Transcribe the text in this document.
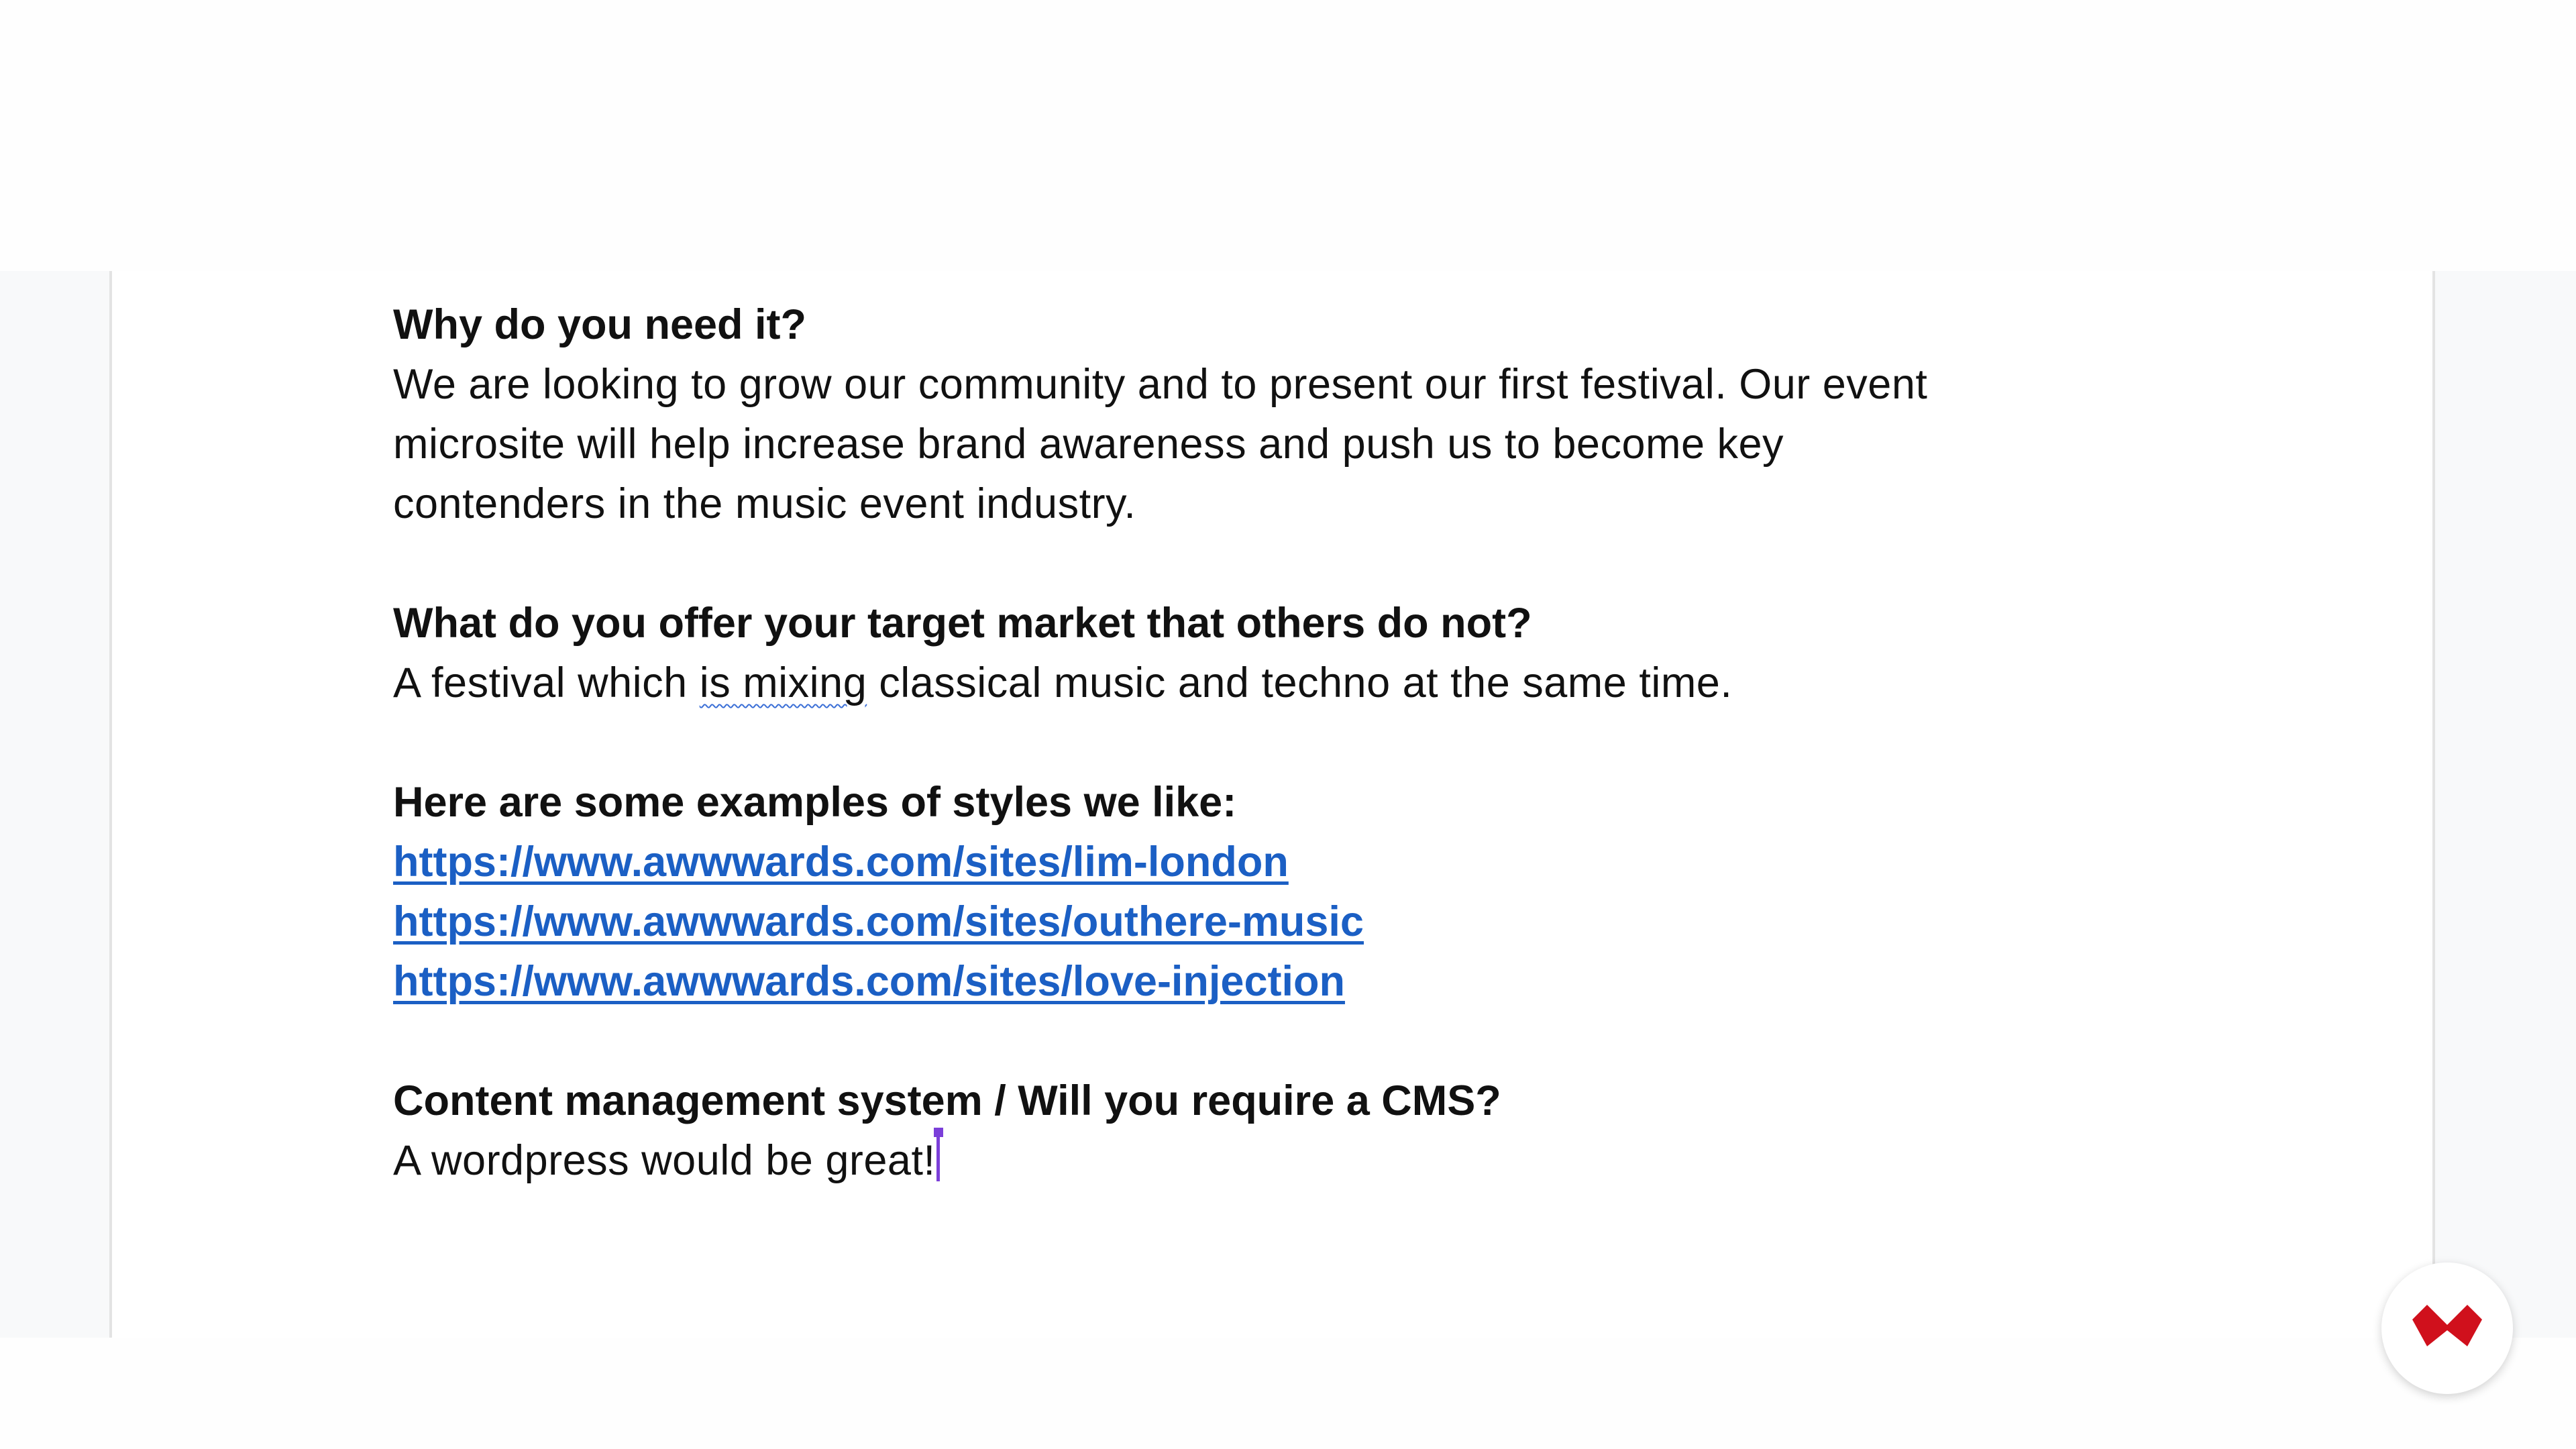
Why do you need it?

We are looking to grow our community and to present our first festival. Our event

microsite will help increase brand awareness and push us to become key

contenders in the music event industry.

What do you offer your target market that others do not?

A festival which is mixing classical music and techno at the same time.

Here are some examples of styles we like:

https://www.awwwards.com/sites/lim-london
https://www.awwwards.com/sites/outhere-music
https://www.awwwards.com/sites/love-injection

Content management system / Will you require a CMS?

A wordpress would be great!
